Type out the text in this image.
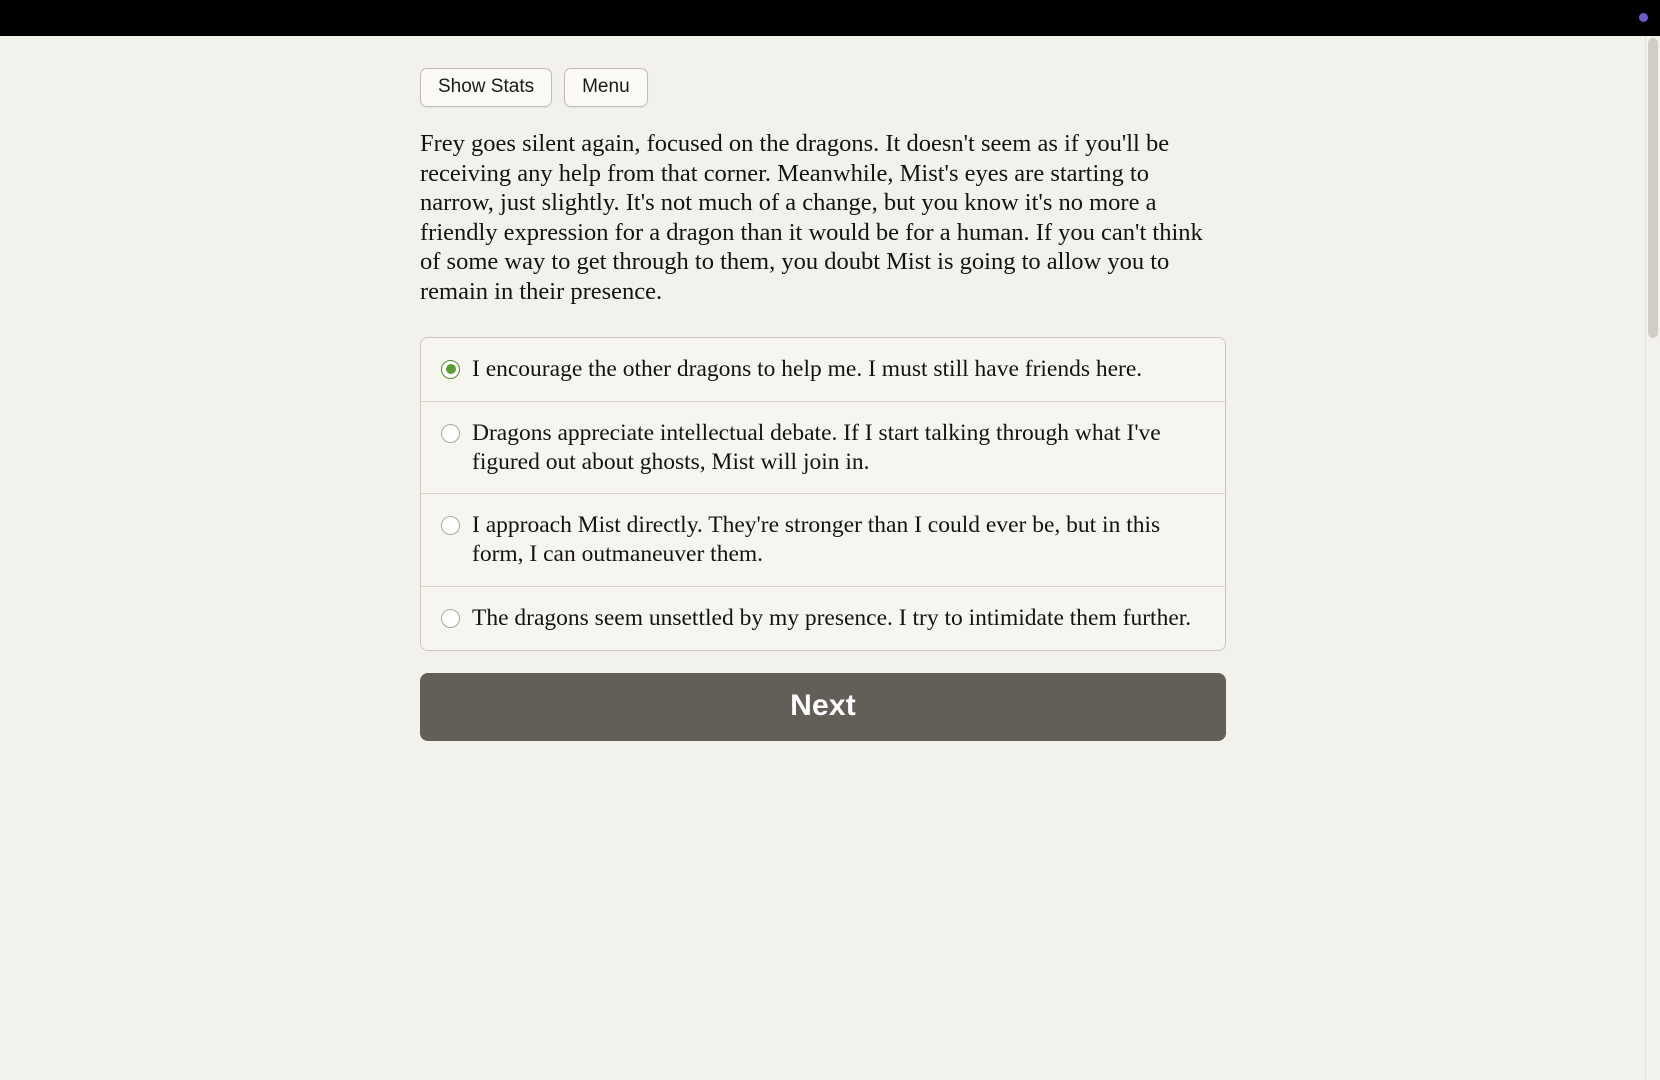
Show Stats	Menu

Frey goes silent again, focused on the dragons. It doesn't seem as if you'll be receiving any help from that corner. Meanwhile, Mist's eyes are starting to narrow, just slightly. It's not much of a change, but you know it's no more a friendly expression for a dragon than it would be for a human. If you can't think of some way to get through to them, you doubt Mist is going to allow you to remain in their presence.

I encourage the other dragons to help me. I must still have friends here.
Dragons appreciate intellectual debate. If I start talking through what I've figured out about ghosts, Mist will join in.
I approach Mist directly. They're stronger than I could ever be, but in this form, I can outmaneuver them.
The dragons seem unsettled by my presence. I try to intimidate them further.
Next
